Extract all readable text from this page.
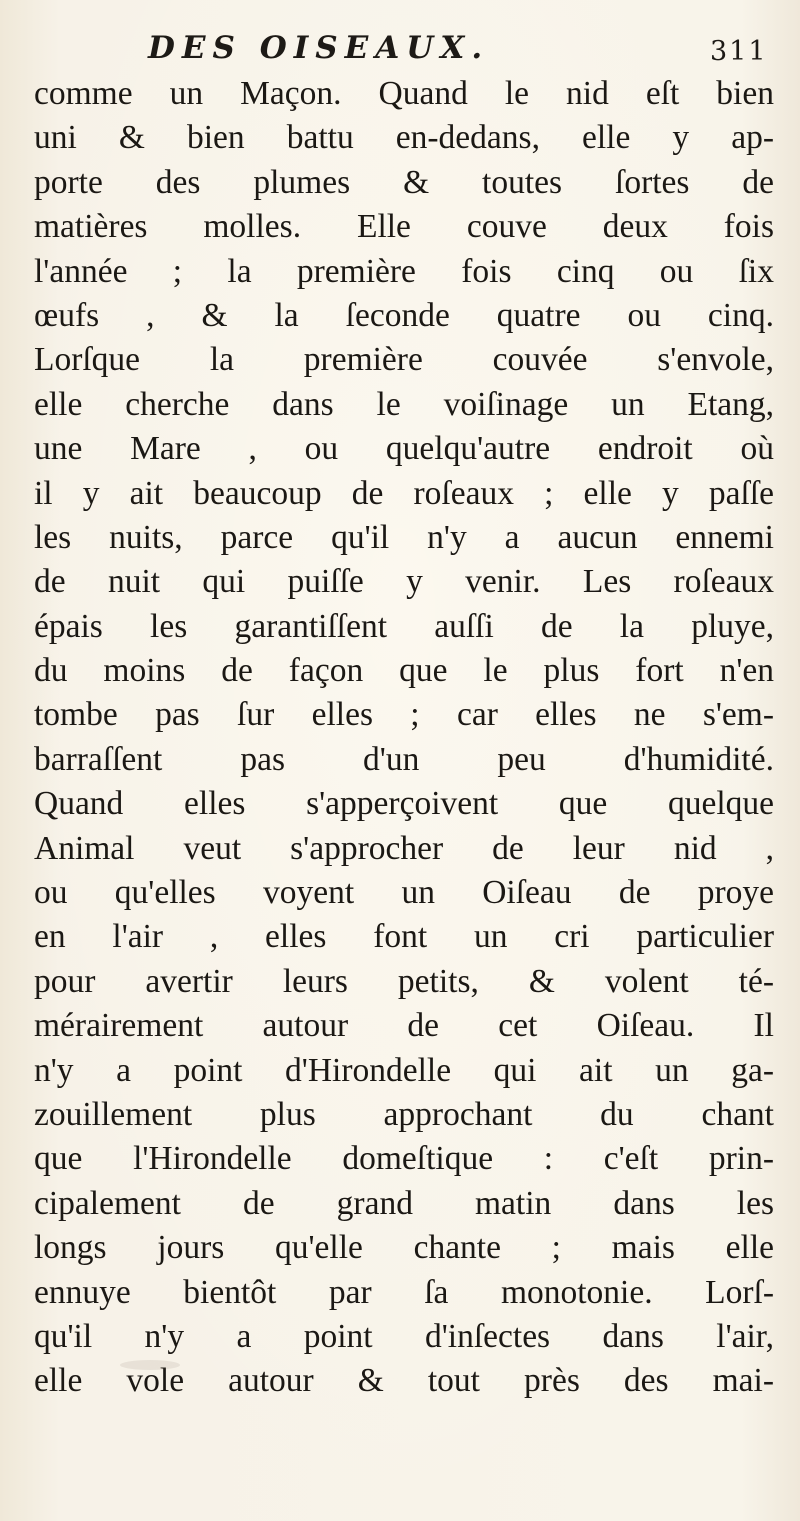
DES OISEAUX.	311
comme un Maçon. Quand le nid eſt bien
uni & bien battu en-dedans, elle y ap-
porte des plumes & toutes ſortes de
matières molles. Elle couve deux fois
l'année ; la première fois cinq ou ſix
œufs , & la ſeconde quatre ou cinq.
Lorſque la première couvée s'envole,
elle cherche dans le voiſinage un Etang,
une Mare , ou quelqu'autre endroit où
il y ait beaucoup de roſeaux ; elle y paſſe
les nuits, parce qu'il n'y a aucun ennemi
de nuit qui puiſſe y venir. Les roſeaux
épais les garantiſſent auſſi de la pluye,
du moins de façon que le plus fort n'en
tombe pas ſur elles ; car elles ne s'em-
barraſſent pas d'un peu d'humidité.
Quand elles s'apperçoivent que quelque
Animal veut s'approcher de leur nid ,
ou qu'elles voyent un Oiſeau de proye
en l'air , elles font un cri particulier
pour avertir leurs petits, & volent té-
mérairement autour de cet Oiſeau. Il
n'y a point d'Hirondelle qui ait un ga-
zouillement plus approchant du chant
que l'Hirondelle domeſtique : c'eſt prin-
cipalement de grand matin dans les
longs jours qu'elle chante ; mais elle
ennuye bientôt par ſa monotonie. Lorſ-
qu'il n'y a point d'inſectes dans l'air,
elle vole autour & tout près des mai-
